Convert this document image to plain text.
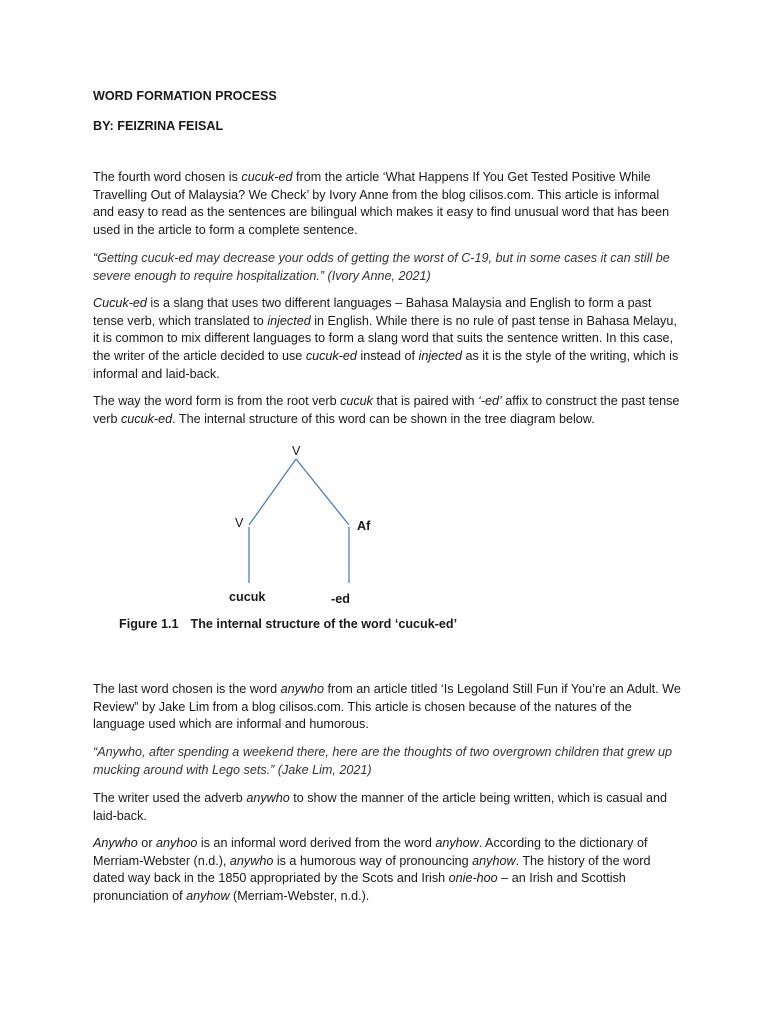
WORD FORMATION PROCESS

BY: FEIZRINA FEISAL

The fourth word chosen is cucuk-ed from the article ‘What Happens If You Get Tested Positive While Travelling Out of Malaysia? We Check’ by Ivory Anne from the blog cilisos.com. This article is informal and easy to read as the sentences are bilingual which makes it easy to find unusual word that has been used in the article to form a complete sentence.

“Getting cucuk-ed may decrease your odds of getting the worst of C-19, but in some cases it can still be severe enough to require hospitalization.” (Ivory Anne, 2021)

Cucuk-ed is a slang that uses two different languages – Bahasa Malaysia and English to form a past tense verb, which translated to injected in English. While there is no rule of past tense in Bahasa Melayu, it is common to mix different languages to form a slang word that suits the sentence written. In this case, the writer of the article decided to use cucuk-ed instead of injected as it is the style of the writing, which is informal and laid-back.

The way the word form is from the root verb cucuk that is paired with ‘-ed’ affix to construct the past tense verb cucuk-ed. The internal structure of this word can be shown in the tree diagram below.

V
V	Af
cucuk	-ed
Figure 1.1 The internal structure of the word ‘cucuk-ed’

The last word chosen is the word anywho from an article titled ‘Is Legoland Still Fun if You’re an Adult. We Review” by Jake Lim from a blog cilisos.com. This article is chosen because of the natures of the language used which are informal and humorous.

“Anywho, after spending a weekend there, here are the thoughts of two overgrown children that grew up mucking around with Lego sets.” (Jake Lim, 2021)

The writer used the adverb anywho to show the manner of the article being written, which is casual and laid-back.

Anywho or anyhoo is an informal word derived from the word anyhow. According to the dictionary of Merriam-Webster (n.d.), anywho is a humorous way of pronouncing anyhow. The history of the word dated way back in the 1850 appropriated by the Scots and Irish onie-hoo – an Irish and Scottish pronunciation of anyhow (Merriam-Webster, n.d.).
